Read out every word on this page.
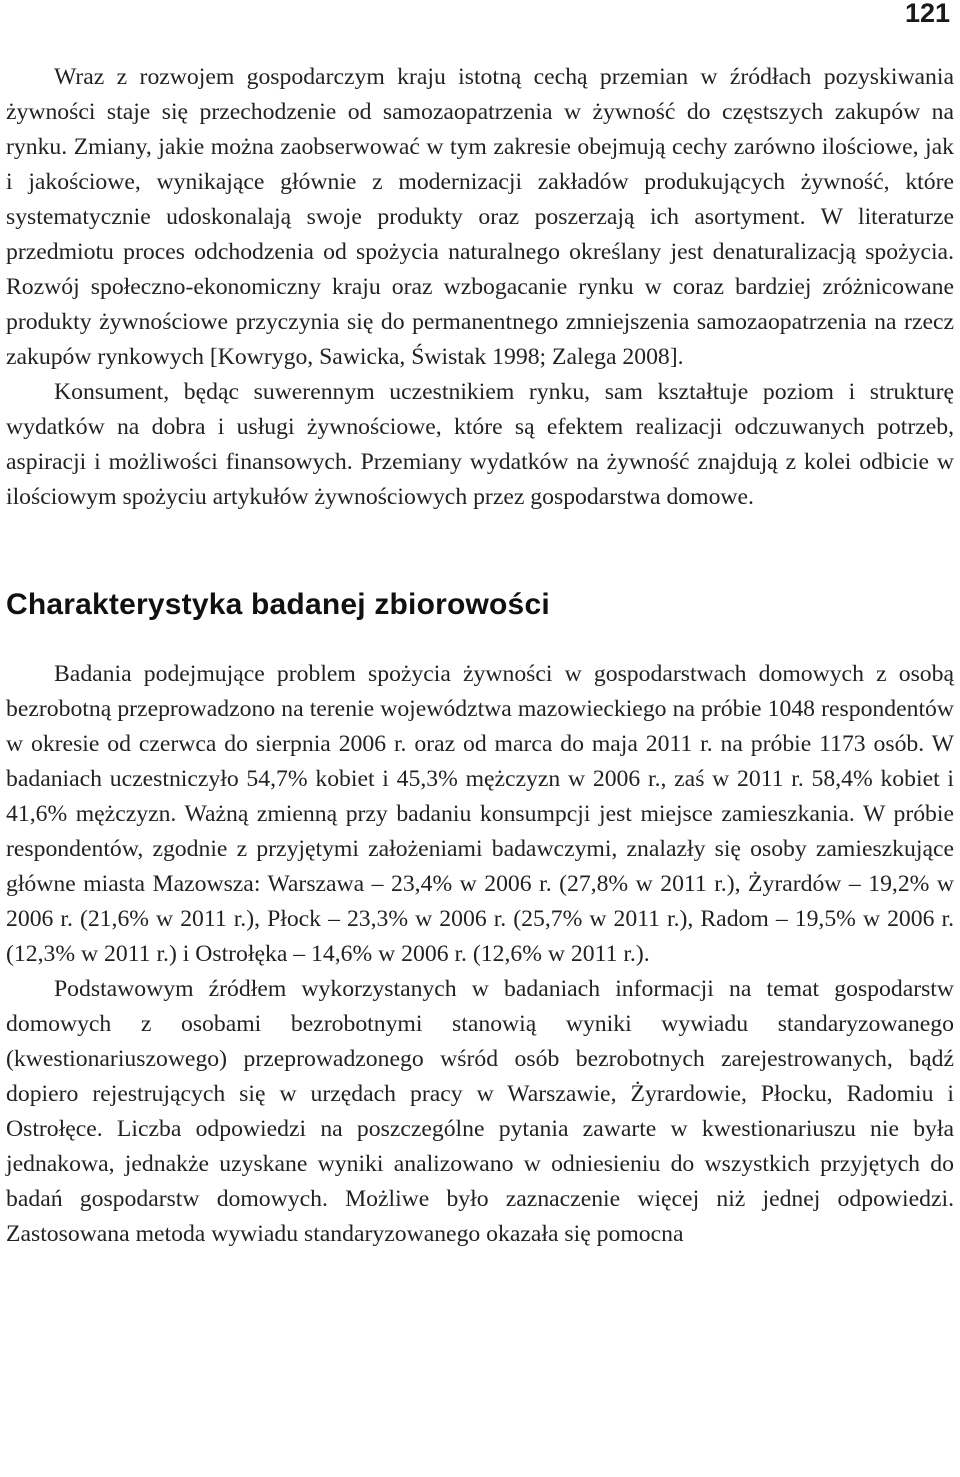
121

Wraz z rozwojem gospodarczym kraju istotną cechą przemian w źródłach pozyskiwania żywności staje się przechodzenie od samozaopatrzenia w żywność do częstszych zakupów na rynku. Zmiany, jakie można zaobserwować w tym zakresie obejmują cechy zarówno ilościowe, jak i jakościowe, wynikające głównie z modernizacji zakładów produkujących żywność, które systematycznie udoskonalają swoje produkty oraz poszerzają ich asortyment. W literaturze przedmiotu proces odchodzenia od spożycia naturalnego określany jest denaturalizacją spożycia. Rozwój społeczno-ekonomiczny kraju oraz wzbogacanie rynku w coraz bardziej zróżnicowane produkty żywnościowe przyczynia się do permanentnego zmniejszenia samozaopatrzenia na rzecz zakupów rynkowych [Kowrygo, Sawicka, Świstak 1998; Zalega 2008].

Konsument, będąc suwerennym uczestnikiem rynku, sam kształtuje poziom i strukturę wydatków na dobra i usługi żywnościowe, które są efektem realizacji odczuwanych potrzeb, aspiracji i możliwości finansowych. Przemiany wydatków na żywność znajdują z kolei odbicie w ilościowym spożyciu artykułów żywnościowych przez gospodarstwa domowe.

Charakterystyka badanej zbiorowości

Badania podejmujące problem spożycia żywności w gospodarstwach domowych z osobą bezrobotną przeprowadzono na terenie województwa mazowieckiego na próbie 1048 respondentów w okresie od czerwca do sierpnia 2006 r. oraz od marca do maja 2011 r. na próbie 1173 osób. W badaniach uczestniczyło 54,7% kobiet i 45,3% mężczyzn w 2006 r., zaś w 2011 r. 58,4% kobiet i 41,6% mężczyzn. Ważną zmienną przy badaniu konsumpcji jest miejsce zamieszkania. W próbie respondentów, zgodnie z przyjętymi założeniami badawczymi, znalazły się osoby zamieszkujące główne miasta Mazowsza: Warszawa – 23,4% w 2006 r. (27,8% w 2011 r.), Żyrardów – 19,2% w 2006 r. (21,6% w 2011 r.), Płock – 23,3% w 2006 r. (25,7% w 2011 r.), Radom – 19,5% w 2006 r. (12,3% w 2011 r.) i Ostrołęka – 14,6% w 2006 r. (12,6% w 2011 r.).

Podstawowym źródłem wykorzystanych w badaniach informacji na temat gospodarstw domowych z osobami bezrobotnymi stanowią wyniki wywiadu standaryzowanego (kwestionariuszowego) przeprowadzonego wśród osób bezrobotnych zarejestrowanych, bądź dopiero rejestrujących się w urzędach pracy w Warszawie, Żyrardowie, Płocku, Radomiu i Ostrołęce. Liczba odpowiedzi na poszczególne pytania zawarte w kwestionariuszu nie była jednakowa, jednakże uzyskane wyniki analizowano w odniesieniu do wszystkich przyjętych do badań gospodarstw domowych. Możliwe było zaznaczenie więcej niż jednej odpowiedzi. Zastosowana metoda wywiadu standaryzowanego okazała się pomocna
